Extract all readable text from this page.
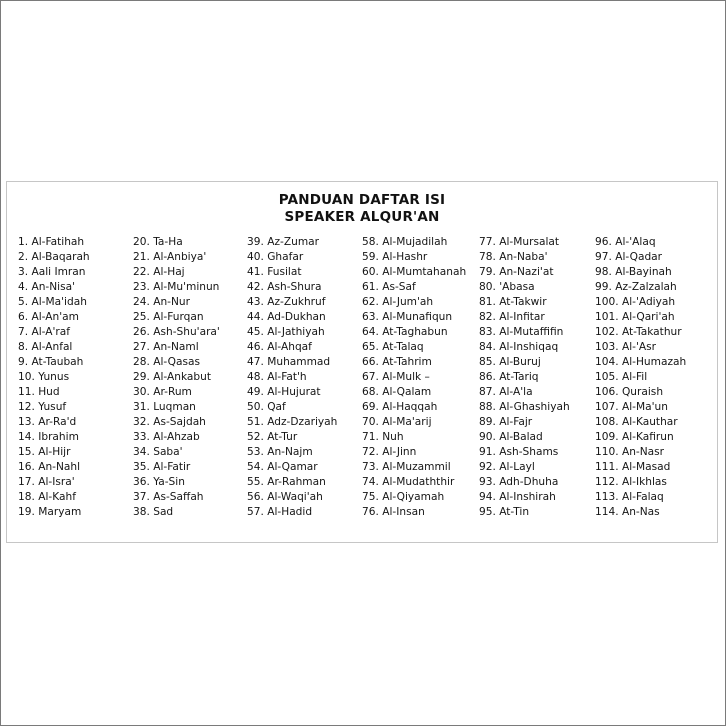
PANDUAN DAFTAR ISI
SPEAKER ALQUR'AN
1. Al-Fatihah
2. Al-Baqarah
3. Aali Imran
4. An-Nisa'
5. Al-Ma'idah
6. Al-An'am
7. Al-A'raf
8. Al-Anfal
9. At-Taubah
10. Yunus
11. Hud
12. Yusuf
13. Ar-Ra'd
14. Ibrahim
15. Al-Hijr
16. An-Nahl
17. Al-Isra'
18. Al-Kahf
19. Maryam
20. Ta-Ha
21. Al-Anbiya'
22. Al-Haj
23. Al-Mu'minun
24. An-Nur
25. Al-Furqan
26. Ash-Shu'ara'
27. An-Naml
28. Al-Qasas
29. Al-Ankabut
30. Ar-Rum
31. Luqman
32. As-Sajdah
33. Al-Ahzab
34. Saba'
35. Al-Fatir
36. Ya-Sin
37. As-Saffah
38. Sad
39. Az-Zumar
40. Ghafar
41. Fusilat
42. Ash-Shura
43. Az-Zukhruf
44. Ad-Dukhan
45. Al-Jathiyah
46. Al-Ahqaf
47. Muhammad
48. Al-Fat'h
49. Al-Hujurat
50. Qaf
51. Adz-Dzariyah
52. At-Tur
53. An-Najm
54. Al-Qamar
55. Ar-Rahman
56. Al-Waqi'ah
57. Al-Hadid
58. Al-Mujadilah
59. Al-Hashr
60. Al-Mumtahanah
61. As-Saf
62. Al-Jum'ah
63. Al-Munafiqun
64. At-Taghabun
65. At-Talaq
66. At-Tahrim
67. Al-Mulk –
68. Al-Qalam
69. Al-Haqqah
70. Al-Ma'arij
71. Nuh
72. Al-Jinn
73. Al-Muzammil
74. Al-Mudaththir
75. Al-Qiyamah
76. Al-Insan
77. Al-Mursalat
78. An-Naba'
79. An-Nazi'at
80. 'Abasa
81. At-Takwir
82. Al-Infitar
83. Al-Mutaffifin
84. Al-Inshiqaq
85. Al-Buruj
86. At-Tariq
87. Al-A'la
88. Al-Ghashiyah
89. Al-Fajr
90. Al-Balad
91. Ash-Shams
92. Al-Layl
93. Adh-Dhuha
94. Al-Inshirah
95. At-Tin
96. Al-'Alaq
97. Al-Qadar
98. Al-Bayinah
99. Az-Zalzalah
100. Al-'Adiyah
101. Al-Qari'ah
102. At-Takathur
103. Al-'Asr
104. Al-Humazah
105. Al-Fil
106. Quraish
107. Al-Ma'un
108. Al-Kauthar
109. Al-Kafirun
110. An-Nasr
111. Al-Masad
112. Al-Ikhlas
113. Al-Falaq
114. An-Nas
